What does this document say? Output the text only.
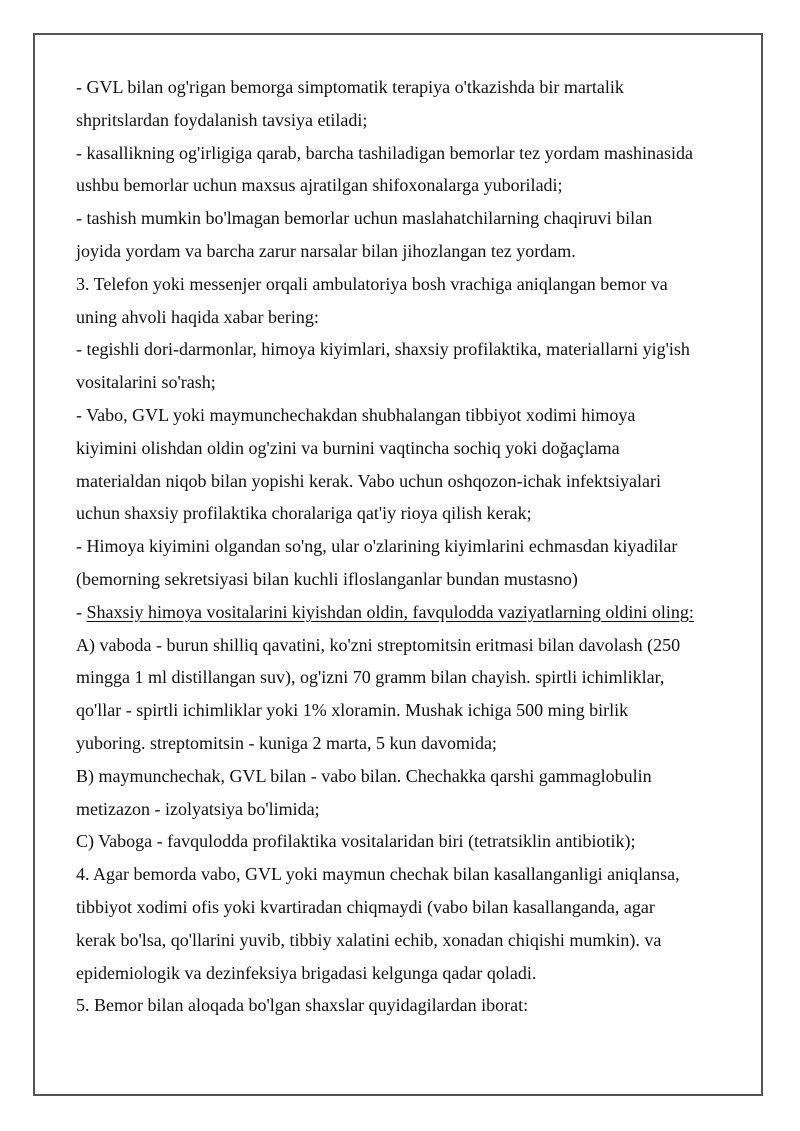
- GVL bilan og'rigan bemorga simptomatik terapiya o'tkazishda bir martalik
shpritslardan foydalanish tavsiya etiladi;
- kasallikning og'irligiga qarab, barcha tashiladigan bemorlar tez yordam mashinasida
ushbu bemorlar uchun maxsus ajratilgan shifoxonalarga yuboriladi;
- tashish mumkin bo'lmagan bemorlar uchun maslahatchilarning chaqiruvi bilan
joyida yordam va barcha zarur narsalar bilan jihozlangan tez yordam.
3. Telefon yoki messenjer orqali ambulatoriya bosh vrachiga aniqlangan bemor va
uning ahvoli haqida xabar bering:
- tegishli dori-darmonlar, himoya kiyimlari, shaxsiy profilaktika, materiallarni yig'ish
vositalarini so'rash;
- Vabo, GVL yoki maymunchechakdan shubhalangan tibbiyot xodimi himoya
kiyimini olishdan oldin og'zini va burnini vaqtincha sochiq yoki doğaçlama
materialdan niqob bilan yopishi kerak. Vabo uchun oshqozon-ichak infektsiyalari
uchun shaxsiy profilaktika choralariga qat'iy rioya qilish kerak;
- Himoya kiyimini olgandan so'ng, ular o'zlarining kiyimlarini echmasdan kiyadilar
(bemorning sekretsiyasi bilan kuchli ifloslanganlar bundan mustasno)
- Shaxsiy himoya vositalarini kiyishdan oldin, favqulodda vaziyatlarning oldini oling:
A) vaboda - burun shilliq qavatini, ko'zni streptomitsin eritmasi bilan davolash (250
mingga 1 ml distillangan suv), og'izni 70 gramm bilan chayish. spirtli ichimliklar,
qo'llar - spirtli ichimliklar yoki 1% xloramin. Mushak ichiga 500 ming birlik
yuboring. streptomitsin - kuniga 2 marta, 5 kun davomida;
B) maymunchechak, GVL bilan - vabo bilan. Chechakka qarshi gammaglobulin
metizazon - izolyatsiya bo'limida;
C) Vaboga - favqulodda profilaktika vositalaridan biri (tetratsiklin antibiotik);
4. Agar bemorda vabo, GVL yoki maymun chechak bilan kasallanganligi aniqlansa,
tibbiyot xodimi ofis yoki kvartiradan chiqmaydi (vabo bilan kasallanganda, agar
kerak bo'lsa, qo'llarini yuvib, tibbiy xalatini echib, xonadan chiqishi mumkin). va
epidemiologik va dezinfeksiya brigadasi kelgunga qadar qoladi.
5. Bemor bilan aloqada bo'lgan shaxslar quyidagilardan iborat:
